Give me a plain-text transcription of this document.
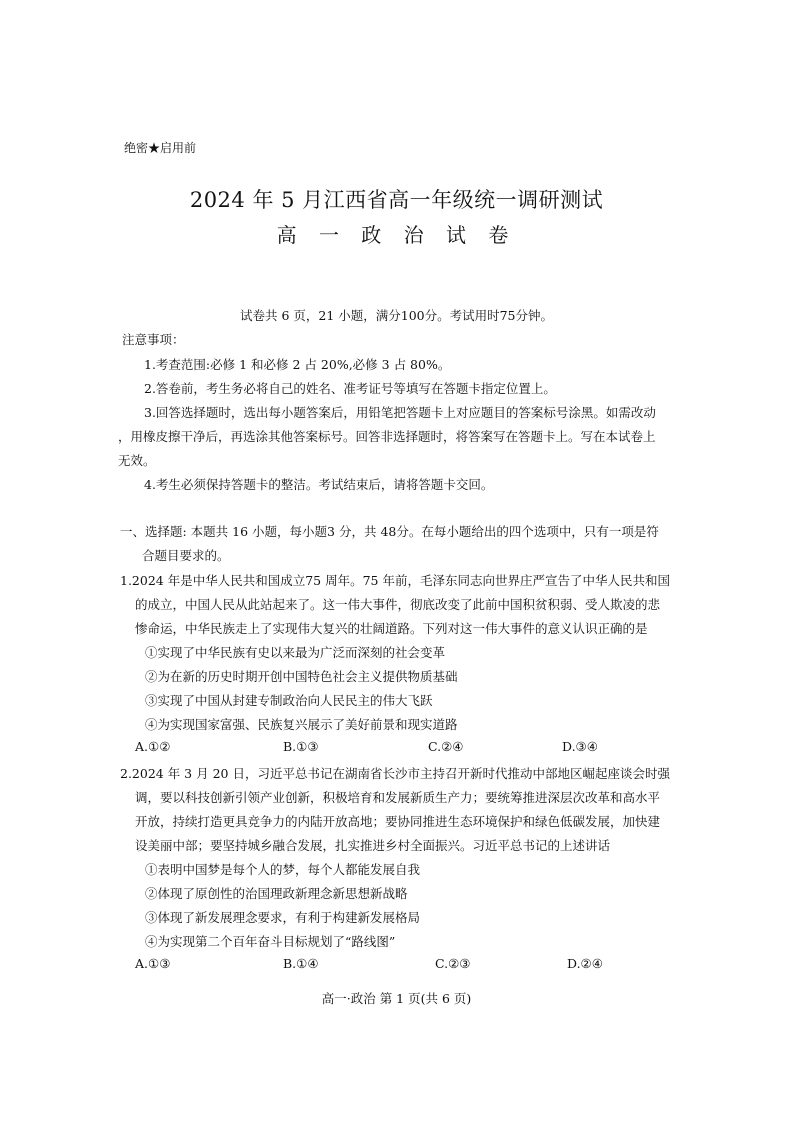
绝密★启用前
2024 年 5 月江西省高一年级统一调研测试
高 一 政 治 试 卷
试卷共 6 页，21 小题，满分100分。考试用时75分钟。
注意事项：
1.考查范围:必修 1 和必修 2 占 20%,必修 3 占 80%。
2.答卷前，考生务必将自己的姓名、准考证号等填写在答题卡指定位置上。
3.回答选择题时，选出每小题答案后，用铅笔把答题卡上对应题目的答案标号涂黑。如需改动
，用橡皮擦干净后，再选涂其他答案标号。回答非选择题时，将答案写在答题卡上。写在本试卷上
无效。
4.考生必须保持答题卡的整洁。考试结束后，请将答题卡交回。
一、选择题: 本题共 16 小题，每小题3 分，共 48分。在每小题给出的四个选项中，只有一项是符
合题目要求的。
1.2024 年是中华人民共和国成立75 周年。75 年前，毛泽东同志向世界庄严宣告了中华人民共和国
的成立，中国人民从此站起来了。这一伟大事件，彻底改变了此前中国积贫积弱、受人欺凌的悲
惨命运，中华民族走上了实现伟大复兴的壮阔道路。下列对这一伟大事件的意义认识正确的是
①实现了中华民族有史以来最为广泛而深刻的社会变革
②为在新的历史时期开创中国特色社会主义提供物质基础
③实现了中国从封建专制政治向人民民主的伟大飞跃
④为实现国家富强、民族复兴展示了美好前景和现实道路
A.①②	B.①③	C.②④	D.③④
2.2024 年 3 月 20 日，习近平总书记在湖南省长沙市主持召开新时代推动中部地区崛起座谈会时强
调，要以科技创新引领产业创新，积极培育和发展新质生产力；要统筹推进深层次改革和高水平
开放，持续打造更具竞争力的内陆开放高地；要协同推进生态环境保护和绿色低碳发展，加快建
设美丽中部；要坚持城乡融合发展，扎实推进乡村全面振兴。习近平总书记的上述讲话
①表明中国梦是每个人的梦，每个人都能发展自我
②体现了原创性的治国理政新理念新思想新战略
③体现了新发展理念要求，有利于构建新发展格局
④为实现第二个百年奋斗目标规划了“路线图”
A.①③	B.①④	C.②③	D.②④
高一·政治 第 1 页(共 6 页)
